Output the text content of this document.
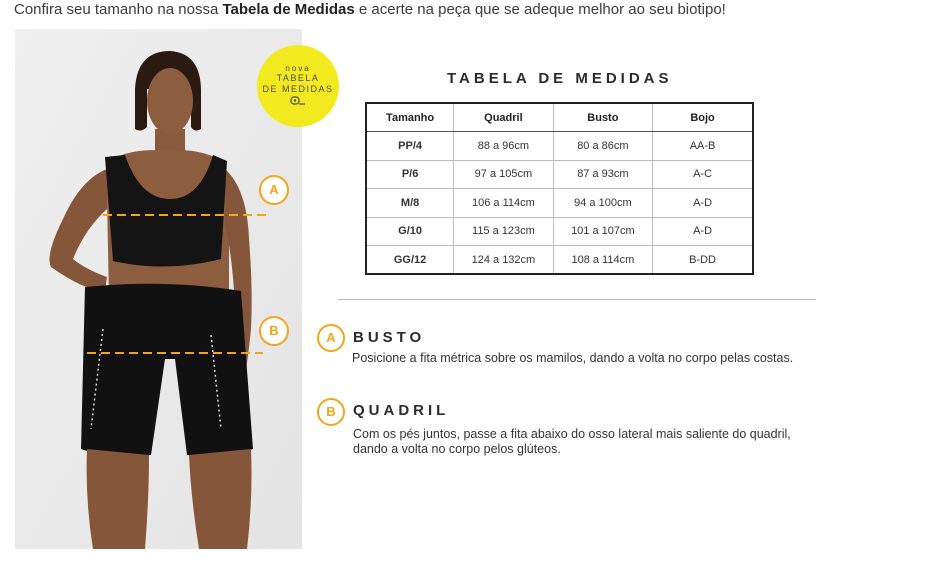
Confira seu tamanho na nossa Tabela de Medidas e acerte na peça que se adeque melhor ao seu biotipo!
A
B
nova
TABELA
DE MEDIDAS
TABELA DE MEDIDAS
Tamanho	Quadril	Busto	Bojo
PP/4	88 a 96cm	80 a 86cm	AA-B
P/6	97 a 105cm	87 a 93cm	A-C
M/8	106 a 114cm	94 a 100cm	A-D
G/10	115 a 123cm	101 a 107cm	A-D
GG/12	124 a 132cm	108 a 114cm	B-DD
A	BUSTO
Posicione a fita métrica sobre os mamilos, dando a volta no corpo pelas costas.
B	QUADRIL
Com os pés juntos, passe a fita abaixo do osso lateral mais saliente do quadril,
dando a volta no corpo pelos glúteos.
